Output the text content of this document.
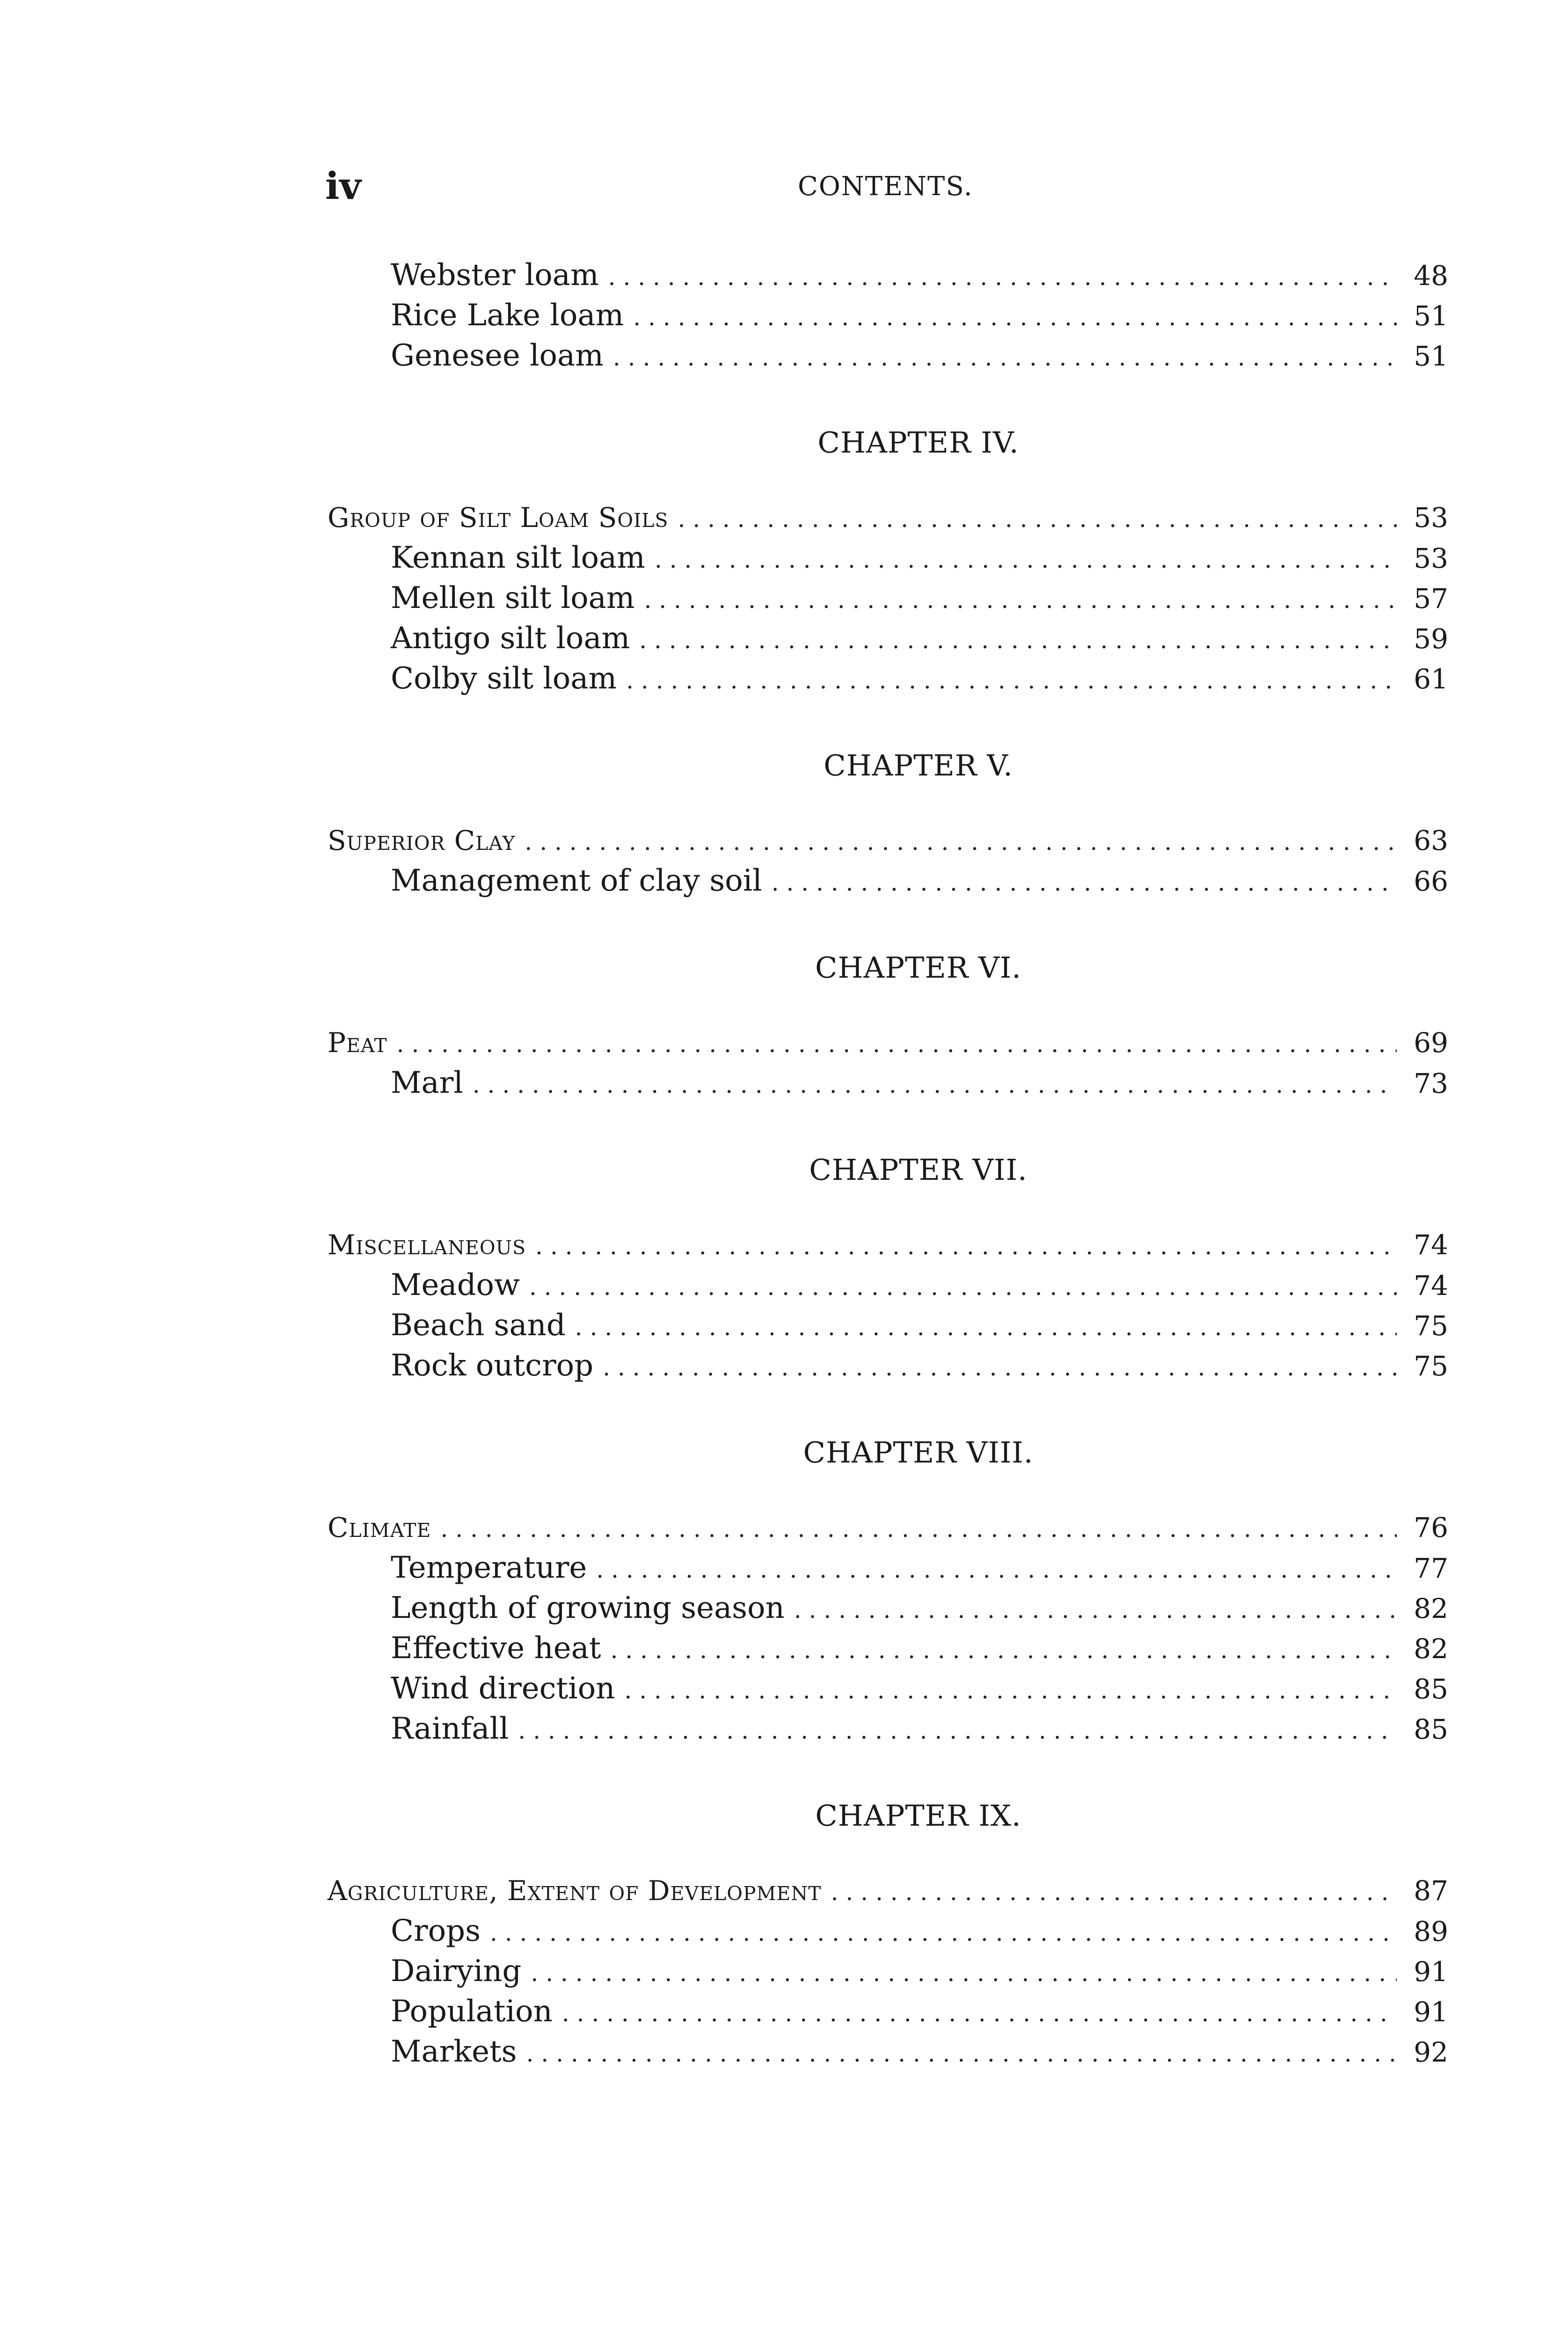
iv	CONTENTS.
Webster loam . . .	48
Rice Lake loam . . .	51
Genesee loam . . .	51
CHAPTER IV.
Group of Silt Loam Soils . . .	53
Kennan silt loam . . .	53
Mellen silt loam . . .	57
Antigo silt loam . . .	59
Colby silt loam . . .	61
CHAPTER V.
Superior Clay . . .	63
Management of clay soil . . .	66
CHAPTER VI.
Peat . . .	69
Marl . . .	73
CHAPTER VII.
Miscellaneous . . .	74
Meadow . . .	74
Beach sand . . .	75
Rock outcrop . . .	75
CHAPTER VIII.
Climate . . .	76
Temperature . . .	77
Length of growing season . . .	82
Effective heat . . .	82
Wind direction . . .	85
Rainfall . . .	85
CHAPTER IX.
Agriculture, Extent of Development . . .	87
Crops . . .	89
Dairying . . .	91
Population . . .	91
Markets . . .	92
